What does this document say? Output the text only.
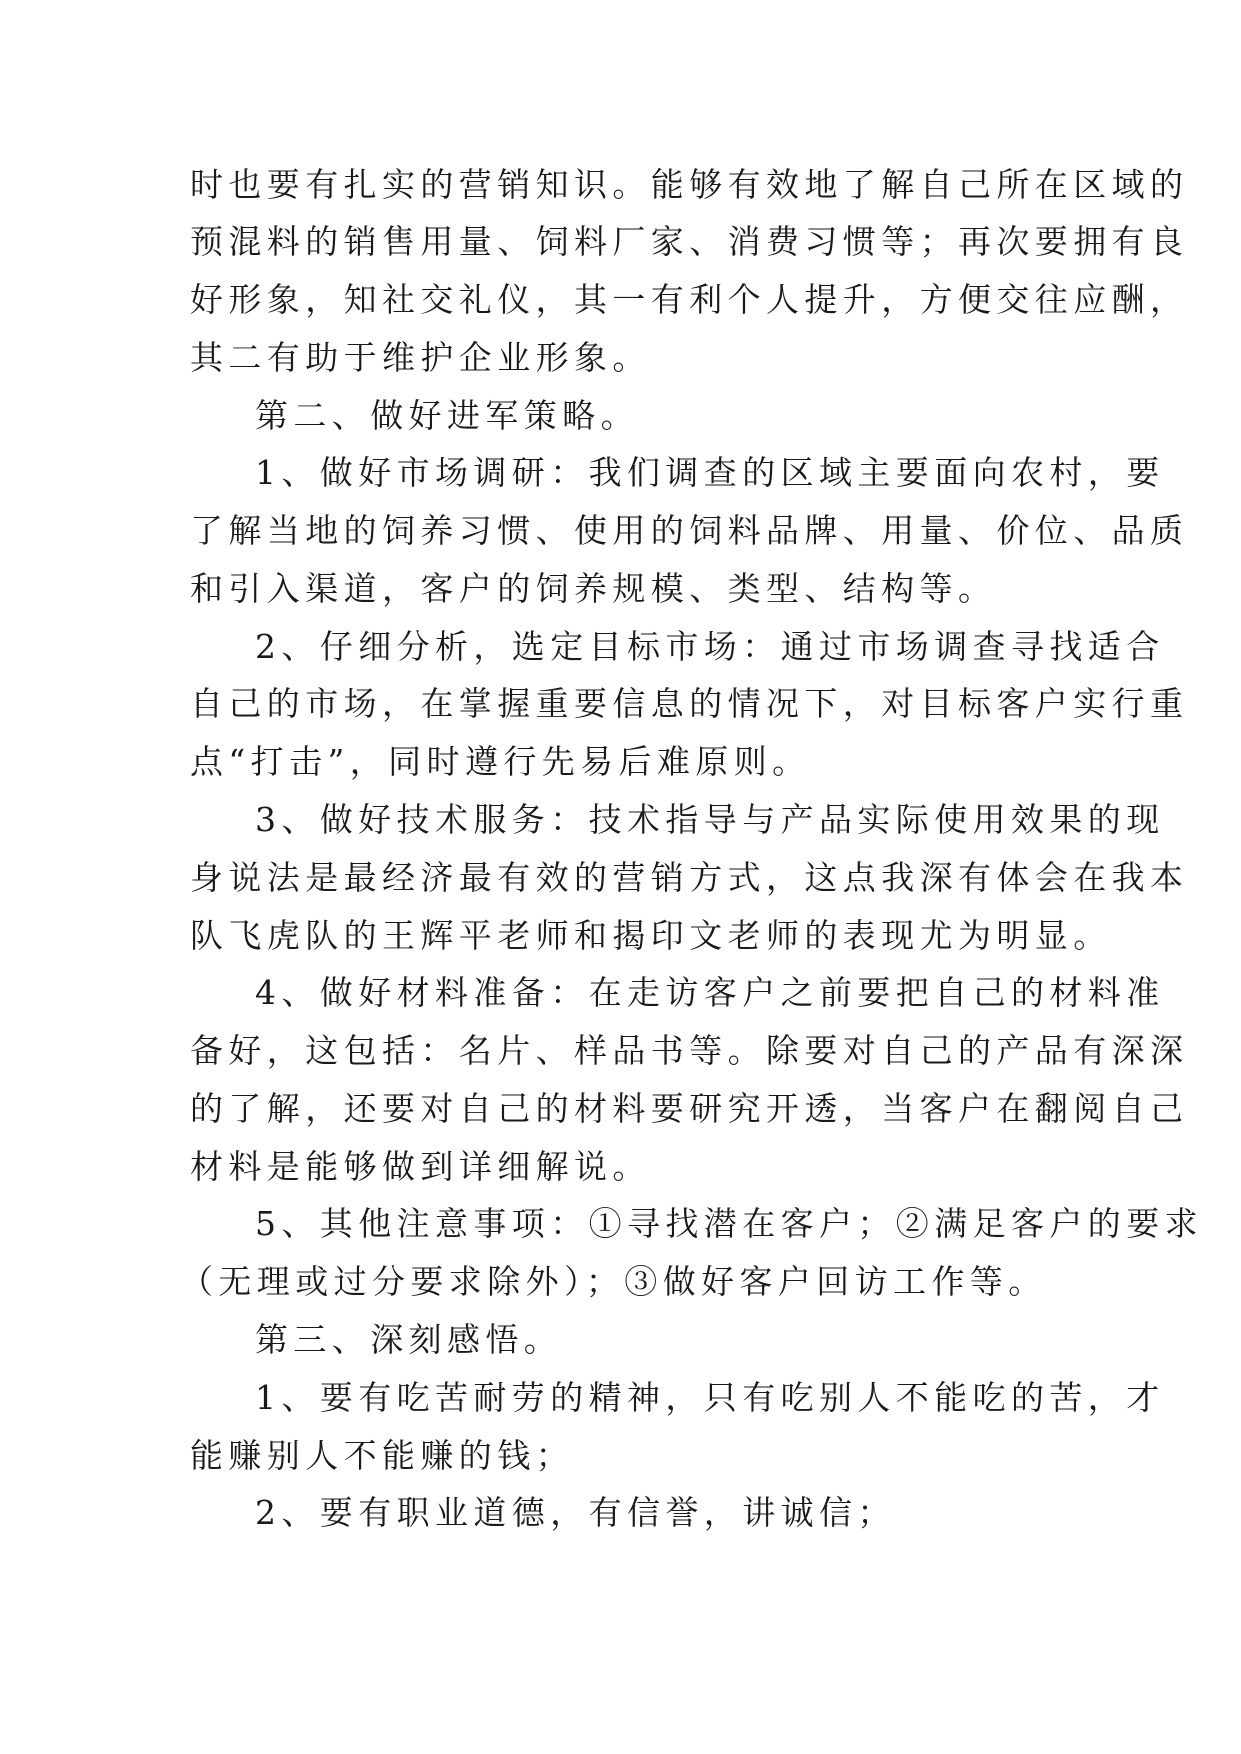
时也要有扎实的营销知识。能够有效地了解自己所在区域的
预混料的销售用量、饲料厂家、消费习惯等；再次要拥有良
好形象，知社交礼仪，其一有利个人提升，方便交往应酬，
其二有助于维护企业形象。
第二、做好进军策略。
1、做好市场调研：我们调查的区域主要面向农村，要
了解当地的饲养习惯、使用的饲料品牌、用量、价位、品质
和引入渠道，客户的饲养规模、类型、结构等。
2、仔细分析，选定目标市场：通过市场调查寻找适合
自己的市场，在掌握重要信息的情况下，对目标客户实行重
点“打击”，同时遵行先易后难原则。
3、做好技术服务：技术指导与产品实际使用效果的现
身说法是最经济最有效的营销方式，这点我深有体会在我本
队飞虎队的王辉平老师和揭印文老师的表现尤为明显。
4、做好材料准备：在走访客户之前要把自己的材料准
备好，这包括：名片、样品书等。除要对自己的产品有深深
的了解，还要对自己的材料要研究开透，当客户在翻阅自己
材料是能够做到详细解说。
5、其他注意事项：①寻找潜在客户；②满足客户的要求
（无理或过分要求除外）；③做好客户回访工作等。
第三、深刻感悟。
1、要有吃苦耐劳的精神，只有吃别人不能吃的苦，才
能赚别人不能赚的钱；
2、要有职业道德，有信誉，讲诚信；
